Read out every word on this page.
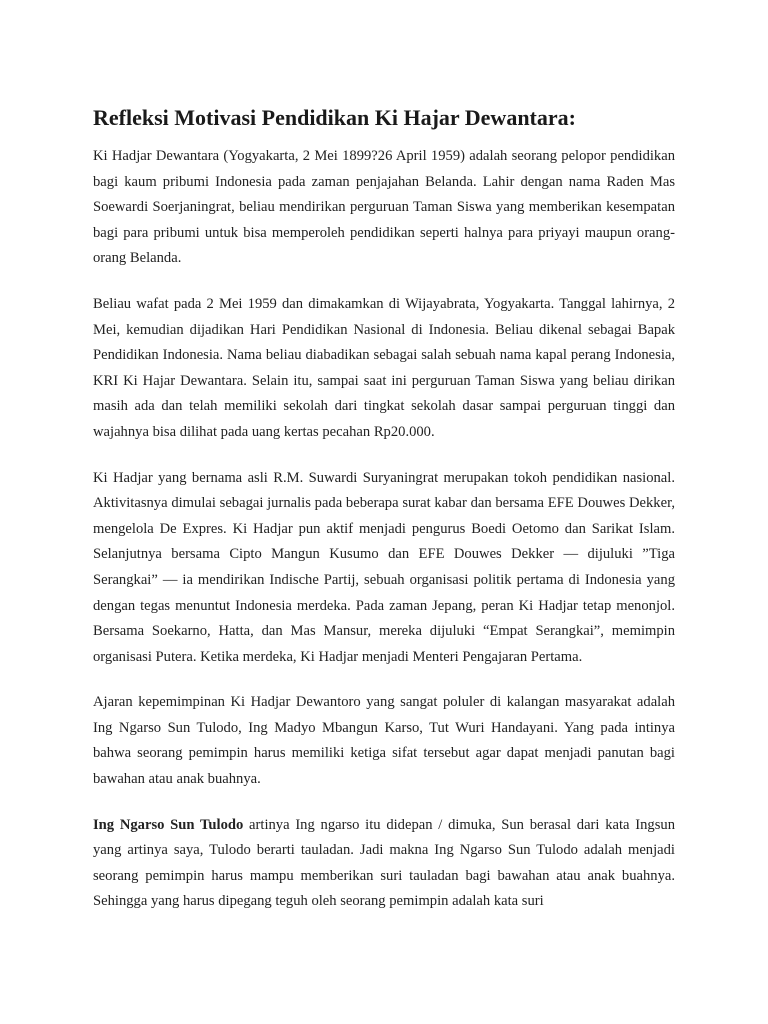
Refleksi Motivasi Pendidikan Ki Hajar Dewantara:

Ki Hadjar Dewantara (Yogyakarta, 2 Mei 1899?26 April 1959) adalah seorang pelopor pendidikan bagi kaum pribumi Indonesia pada zaman penjajahan Belanda. Lahir dengan nama Raden Mas Soewardi Soerjaningrat, beliau mendirikan perguruan Taman Siswa yang memberikan kesempatan bagi para pribumi untuk bisa memperoleh pendidikan seperti halnya para priyayi maupun orang-orang Belanda.

Beliau wafat pada 2 Mei 1959 dan dimakamkan di Wijayabrata, Yogyakarta. Tanggal lahirnya, 2 Mei, kemudian dijadikan Hari Pendidikan Nasional di Indonesia. Beliau dikenal sebagai Bapak Pendidikan Indonesia. Nama beliau diabadikan sebagai salah sebuah nama kapal perang Indonesia, KRI Ki Hajar Dewantara. Selain itu, sampai saat ini perguruan Taman Siswa yang beliau dirikan masih ada dan telah memiliki sekolah dari tingkat sekolah dasar sampai perguruan tinggi dan wajahnya bisa dilihat pada uang kertas pecahan Rp20.000.

Ki Hadjar yang bernama asli R.M. Suwardi Suryaningrat merupakan tokoh pendidikan nasional. Aktivitasnya dimulai sebagai jurnalis pada beberapa surat kabar dan bersama EFE Douwes Dekker, mengelola De Expres. Ki Hadjar pun aktif menjadi pengurus Boedi Oetomo dan Sarikat Islam. Selanjutnya bersama Cipto Mangun Kusumo dan EFE Douwes Dekker — dijuluki ”Tiga Serangkai” — ia mendirikan Indische Partij, sebuah organisasi politik pertama di Indonesia yang dengan tegas menuntut Indonesia merdeka. Pada zaman Jepang, peran Ki Hadjar tetap menonjol. Bersama Soekarno, Hatta, dan Mas Mansur, mereka dijuluki “Empat Serangkai”, memimpin organisasi Putera. Ketika merdeka, Ki Hadjar menjadi Menteri Pengajaran Pertama.

Ajaran kepemimpinan Ki Hadjar Dewantoro yang sangat poluler di kalangan masyarakat adalah Ing Ngarso Sun Tulodo, Ing Madyo Mbangun Karso, Tut Wuri Handayani. Yang pada intinya bahwa seorang pemimpin harus memiliki ketiga sifat tersebut agar dapat menjadi panutan bagi bawahan atau anak buahnya.

Ing Ngarso Sun Tulodo artinya Ing ngarso itu didepan / dimuka, Sun berasal dari kata Ingsun yang artinya saya, Tulodo berarti tauladan. Jadi makna Ing Ngarso Sun Tulodo adalah menjadi seorang pemimpin harus mampu memberikan suri tauladan bagi bawahan atau anak buahnya. Sehingga yang harus dipegang teguh oleh seorang pemimpin adalah kata suri
